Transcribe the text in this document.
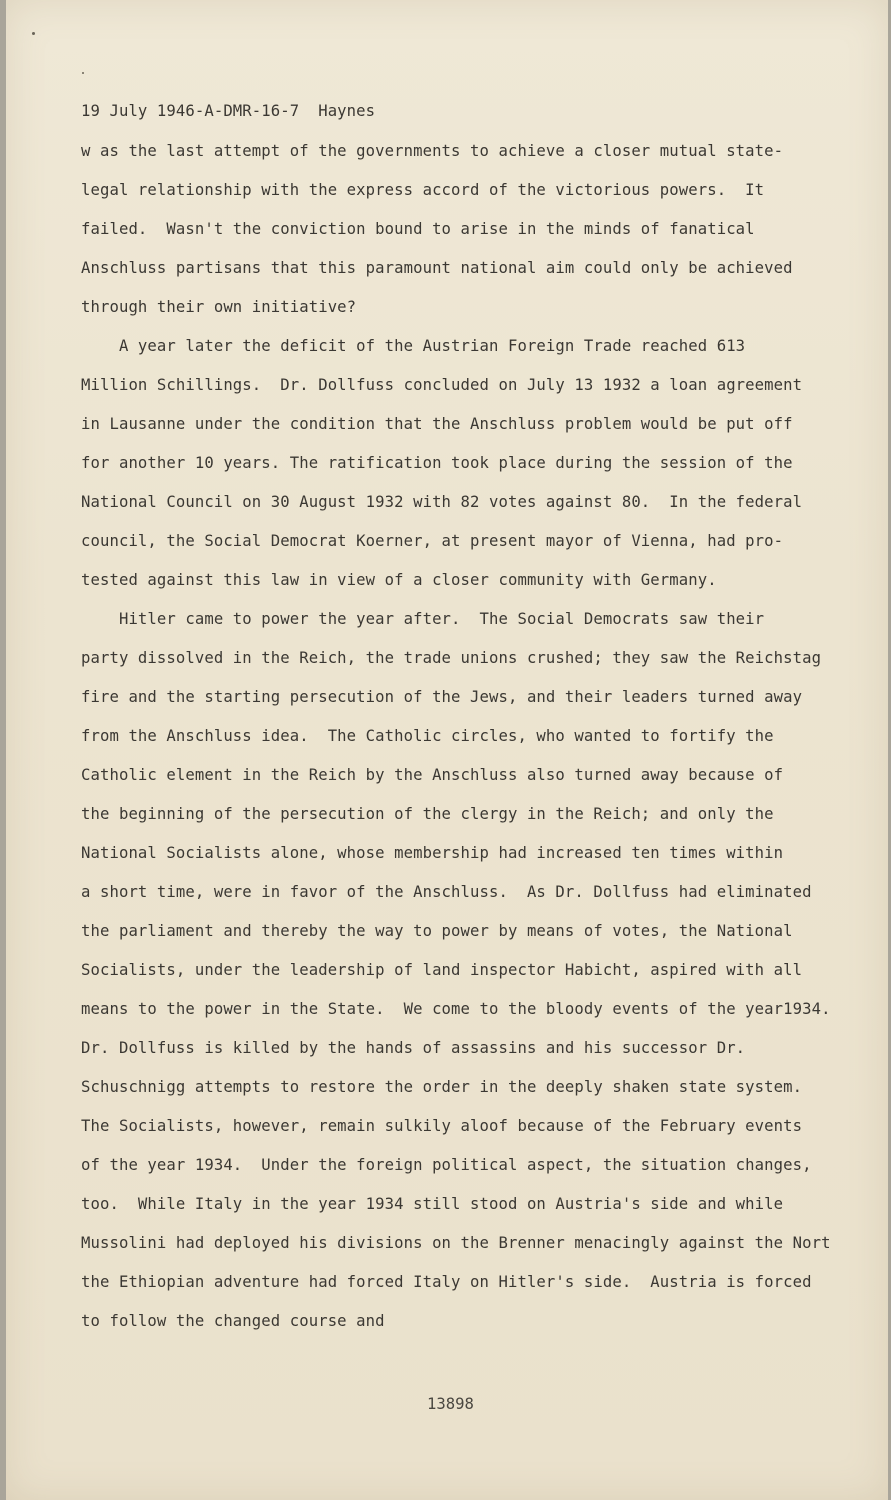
19 July 1946-A-DMR-16-7  Haynes

w as the last attempt of the governments to achieve a closer mutual state-

legal relationship with the express accord of the victorious powers.  It

failed.  Wasn't the conviction bound to arise in the minds of fanatical

Anschluss partisans that this paramount national aim could only be achieved

through their own initiative?

A year later the deficit of the Austrian Foreign Trade reached 613

Million Schillings.  Dr. Dollfuss concluded on July 13 1932 a loan agreement

in Lausanne under the condition that the Anschluss problem would be put off

for another 10 years. The ratification took place during the session of the

National Council on 30 August 1932 with 82 votes against 80.  In the federal

council, the Social Democrat Koerner, at present mayor of Vienna, had pro-

tested against this law in view of a closer community with Germany.

Hitler came to power the year after.  The Social Democrats saw their

party dissolved in the Reich, the trade unions crushed; they saw the Reichstag

fire and the starting persecution of the Jews, and their leaders turned away

from the Anschluss idea.  The Catholic circles, who wanted to fortify the

Catholic element in the Reich by the Anschluss also turned away because of

the beginning of the persecution of the clergy in the Reich; and only the

National Socialists alone, whose membership had increased ten times within

a short time, were in favor of the Anschluss.  As Dr. Dollfuss had eliminated

the parliament and thereby the way to power by means of votes, the National

Socialists, under the leadership of land inspector Habicht, aspired with all

means to the power in the State.  We come to the bloody events of the year1934.

Dr. Dollfuss is killed by the hands of assassins and his successor Dr.

Schuschnigg attempts to restore the order in the deeply shaken state system.

The Socialists, however, remain sulkily aloof because of the February events

of the year 1934.  Under the foreign political aspect, the situation changes,

too.  While Italy in the year 1934 still stood on Austria's side and while

Mussolini had deployed his divisions on the Brenner menacingly against the Nort

the Ethiopian adventure had forced Italy on Hitler's side.  Austria is forced

to follow the changed course and

13898
